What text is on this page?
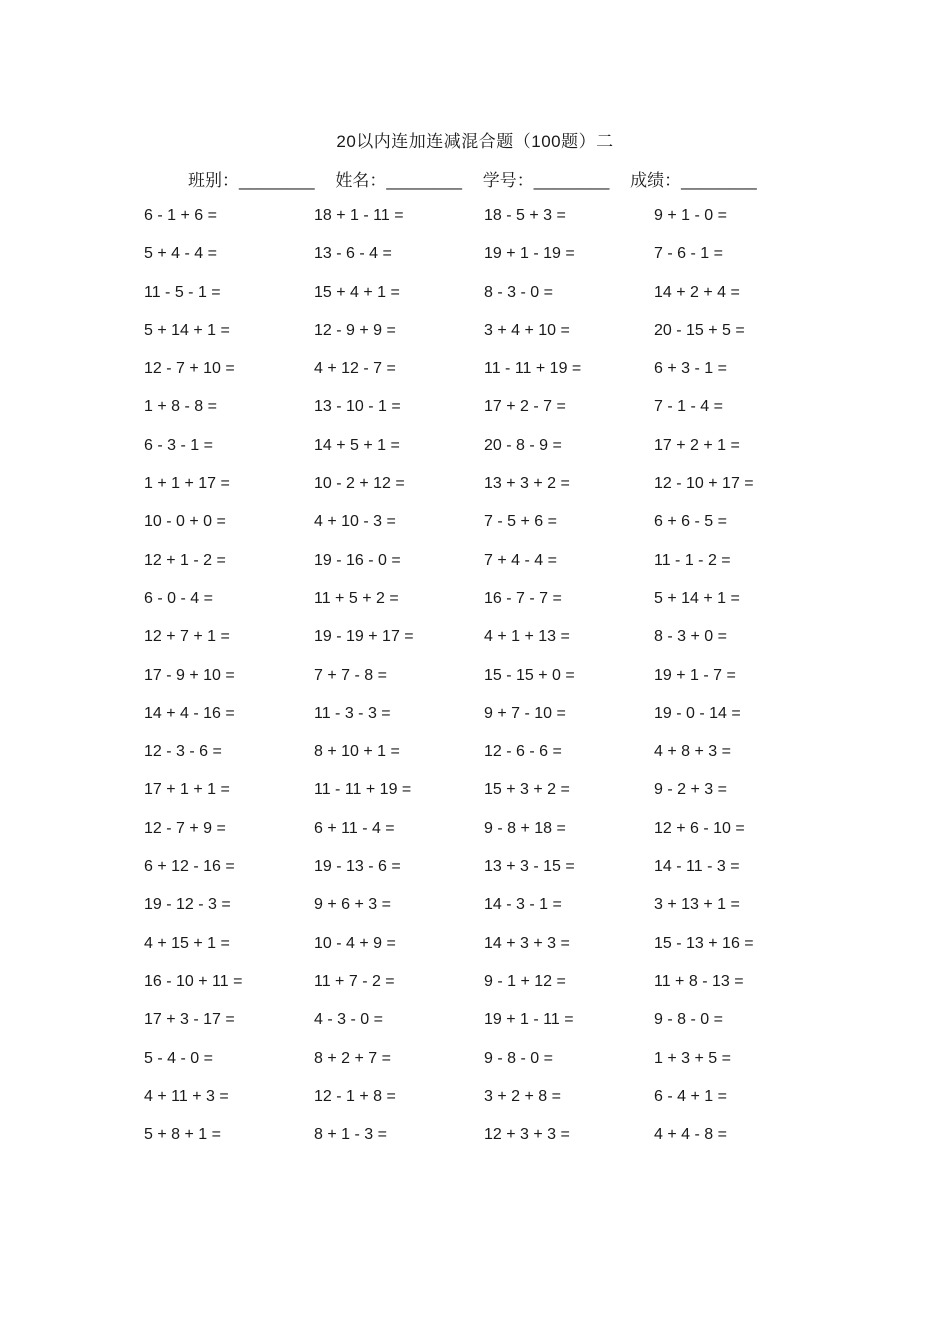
20以内连加连减混合题（100题）二
班别：________ 姓名：________ 学号：________ 成绩：________
6 - 1 + 6 =	18 + 1 - 11 =	18 - 5 + 3 =	9 + 1 - 0 =
5 + 4 - 4 =	13 - 6 - 4 =	19 + 1 - 19 =	7 - 6 - 1 =
11 - 5 - 1 =	15 + 4 + 1 =	8 - 3 - 0 =	14 + 2 + 4 =
5 + 14 + 1 =	12 - 9 + 9 =	3 + 4 + 10 =	20 - 15 + 5 =
12 - 7 + 10 =	4 + 12 - 7 =	11 - 11 + 19 =	6 + 3 - 1 =
1 + 8 - 8 =	13 - 10 - 1 =	17 + 2 - 7 =	7 - 1 - 4 =
6 - 3 - 1 =	14 + 5 + 1 =	20 - 8 - 9 =	17 + 2 + 1 =
1 + 1 + 17 =	10 - 2 + 12 =	13 + 3 + 2 =	12 - 10 + 17 =
10 - 0 + 0 =	4 + 10 - 3 =	7 - 5 + 6 =	6 + 6 - 5 =
12 + 1 - 2 =	19 - 16 - 0 =	7 + 4 - 4 =	11 - 1 - 2 =
6 - 0 - 4 =	11 + 5 + 2 =	16 - 7 - 7 =	5 + 14 + 1 =
12 + 7 + 1 =	19 - 19 + 17 =	4 + 1 + 13 =	8 - 3 + 0 =
17 - 9 + 10 =	7 + 7 - 8 =	15 - 15 + 0 =	19 + 1 - 7 =
14 + 4 - 16 =	11 - 3 - 3 =	9 + 7 - 10 =	19 - 0 - 14 =
12 - 3 - 6 =	8 + 10 + 1 =	12 - 6 - 6 =	4 + 8 + 3 =
17 + 1 + 1 =	11 - 11 + 19 =	15 + 3 + 2 =	9 - 2 + 3 =
12 - 7 + 9 =	6 + 11 - 4 =	9 - 8 + 18 =	12 + 6 - 10 =
6 + 12 - 16 =	19 - 13 - 6 =	13 + 3 - 15 =	14 - 11 - 3 =
19 - 12 - 3 =	9 + 6 + 3 =	14 - 3 - 1 =	3 + 13 + 1 =
4 + 15 + 1 =	10 - 4 + 9 =	14 + 3 + 3 =	15 - 13 + 16 =
16 - 10 + 11 =	11 + 7 - 2 =	9 - 1 + 12 =	11 + 8 - 13 =
17 + 3 - 17 =	4 - 3 - 0 =	19 + 1 - 11 =	9 - 8 - 0 =
5 - 4 - 0 =	8 + 2 + 7 =	9 - 8 - 0 =	1 + 3 + 5 =
4 + 11 + 3 =	12 - 1 + 8 =	3 + 2 + 8 =	6 - 4 + 1 =
5 + 8 + 1 =	8 + 1 - 3 =	12 + 3 + 3 =	4 + 4 - 8 =
